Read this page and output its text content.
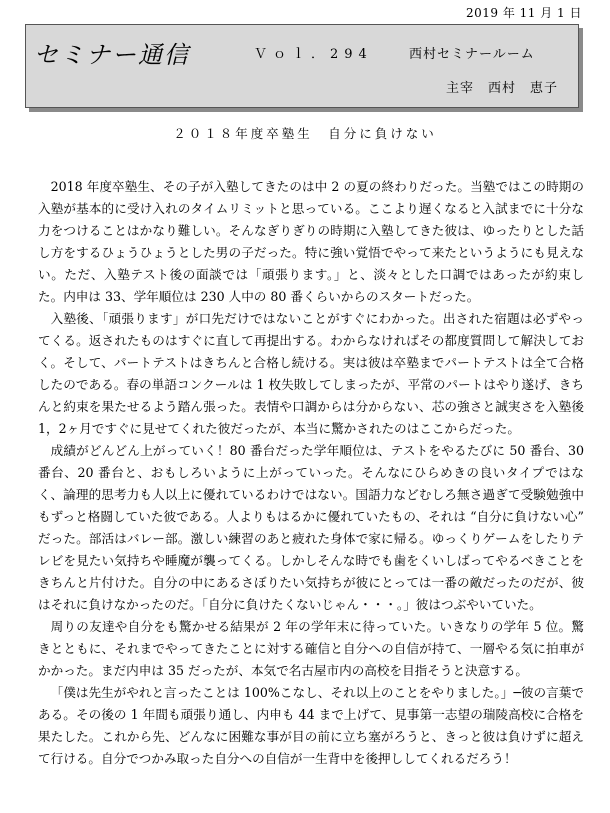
2019 年 11 月 1 日
セミナー通信	Ｖｏｌ．294	西村セミナールーム
主宰　西村　恵子
２０１８年度卒塾生　自分に負けない

2018 年度卒塾生、その子が入塾してきたのは中 2 の夏の終わりだった。当塾ではこの時期の入塾が基本的に受け入れのタイムリミットと思っている。ここより遅くなると入試までに十分な力をつけることはかなり難しい。そんなぎりぎりの時期に入塾してきた彼は、ゆったりとした話し方をするひょうひょうとした男の子だった。特に強い覚悟でやって来たというようにも見えない。ただ、入塾テスト後の面談では「頑張ります。」と、淡々とした口調ではあったが約束した。内申は 33、学年順位は 230 人中の 80 番くらいからのスタートだった。

入塾後、「頑張ります」が口先だけではないことがすぐにわかった。出された宿題は必ずやってくる。返されたものはすぐに直して再提出する。わからなければその都度質問して解決しておく。そして、パートテストはきちんと合格し続ける。実は彼は卒塾までパートテストは全て合格したのである。春の単語コンクールは 1 枚失敗してしまったが、平常のパートはやり遂げ、きちんと約束を果たせるよう踏ん張った。表情や口調からは分からない、芯の強さと誠実さを入塾後 1，2ヶ月ですぐに見せてくれた彼だったが、本当に驚かされたのはここからだった。

成績がどんどん上がっていく！80 番台だった学年順位は、テストをやるたびに 50 番台、30 番台、20 番台と、おもしろいように上がっていった。そんなにひらめきの良いタイプではなく、論理的思考力も人以上に優れているわけではない。国語力などむしろ無さ過ぎて受験勉強中もずっと格闘していた彼である。人よりもはるかに優れていたもの、それは “自分に負けない心” だった。部活はバレー部。激しい練習のあと疲れた身体で家に帰る。ゆっくりゲームをしたりテレビを見たい気持ちや睡魔が襲ってくる。しかしそんな時でも歯をくいしばってやるべきことをきちんと片付けた。自分の中にあるさぼりたい気持ちが彼にとっては一番の敵だったのだが、彼はそれに負けなかったのだ。「自分に負けたくないじゃん・・・。」彼はつぶやいていた。

周りの友達や自分をも驚かせる結果が 2 年の学年末に待っていた。いきなりの学年 5 位。驚きとともに、それまでやってきたことに対する確信と自分への自信が持て、一層やる気に拍車がかかった。まだ内申は 35 だったが、本気で名古屋市内の高校を目指そうと決意する。

「僕は先生がやれと言ったことは 100%こなし、それ以上のことをやりました。」─彼の言葉である。その後の 1 年間も頑張り通し、内申も 44 まで上げて、見事第一志望の瑞陵高校に合格を果たした。これから先、どんなに困難な事が目の前に立ち塞がろうと、きっと彼は負けずに超えて行ける。自分でつかみ取った自分への自信が一生背中を後押ししてくれるだろう！
